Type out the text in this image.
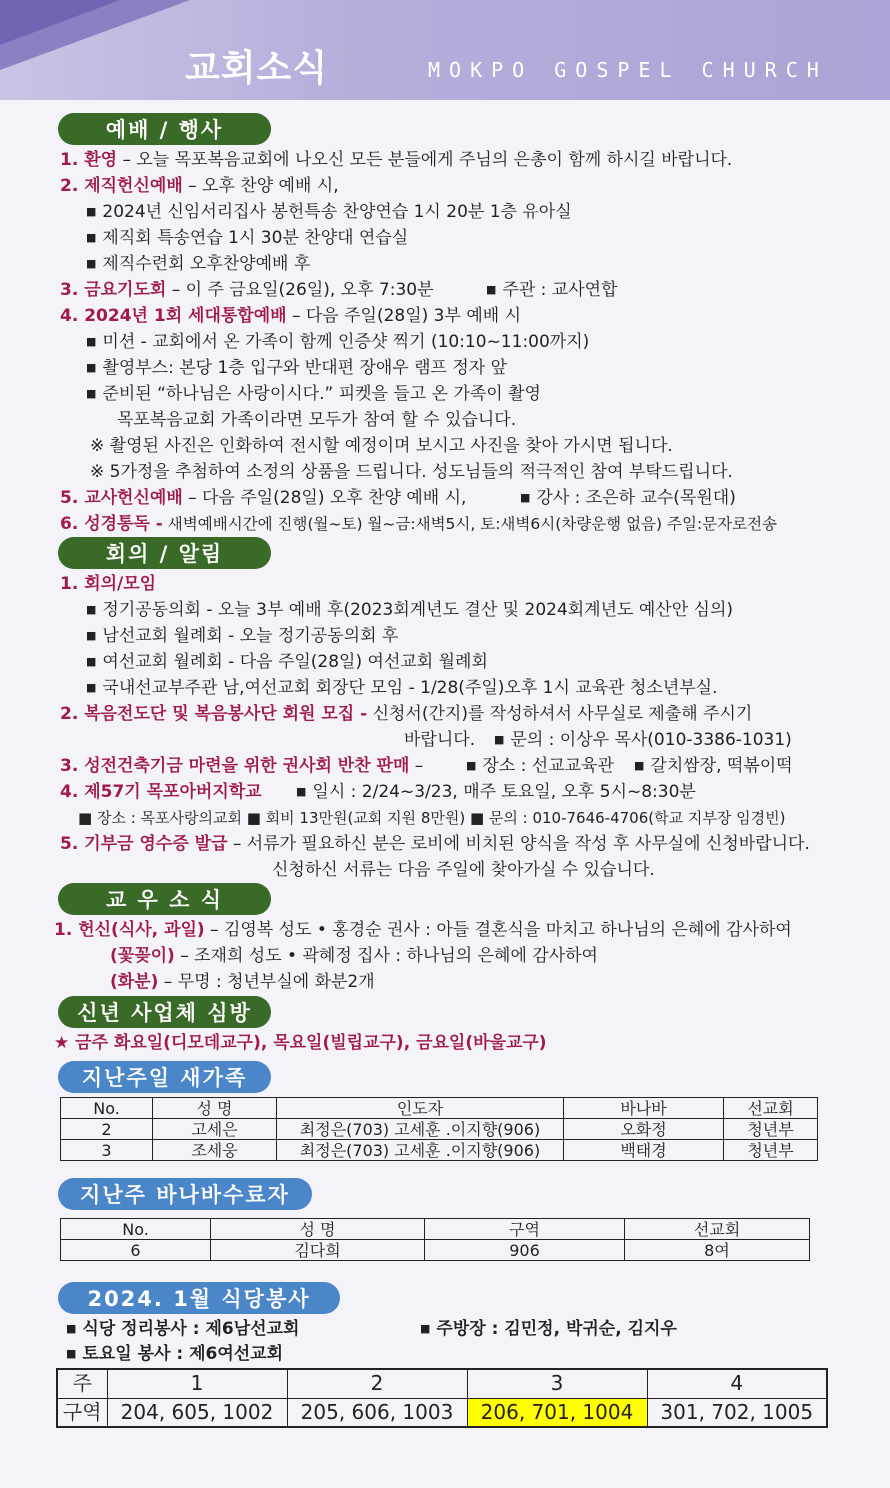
교회소식	MOKPO GOSPEL CHURCH
예배 / 행사
1. 환영 – 오늘 목포복음교회에 나오신 모든 분들에게 주님의 은총이 함께 하시길 바랍니다.
2. 제직헌신예배 – 오후 찬양 예배 시,
■ 2024년 신임서리집사 봉헌특송 찬양연습 1시 20분 1층 유아실
■ 제직회 특송연습 1시 30분 찬양대 연습실
■ 제직수련회 오후찬양예배 후
3. 금요기도회 – 이 주 금요일(26일), 오후 7:30분	■ 주관 : 교사연합
4. 2024년 1회 세대통합예배 – 다음 주일(28일) 3부 예배 시
■ 미션 - 교회에서 온 가족이 함께 인증샷 찍기 (10:10~11:00까지)
■ 촬영부스: 본당 1층 입구와 반대편 장애우 램프 정자 앞
■ 준비된 “하나님은 사랑이시다.” 피켓을 들고 온 가족이 촬영
목포복음교회 가족이라면 모두가 참여 할 수 있습니다.
※ 촬영된 사진은 인화하여 전시할 예정이며 보시고 사진을 찾아 가시면 됩니다.
※ 5가정을 추첨하여 소정의 상품을 드립니다. 성도님들의 적극적인 참여 부탁드립니다.
5. 교사헌신예배 – 다음 주일(28일) 오후 찬양 예배 시,	■ 강사 : 조은하 교수(목원대)
6. 성경통독 - 새벽예배시간에 진행(월~토) 월~금:새벽5시, 토:새벽6시(차량운행 없음) 주일:문자로전송
회의 / 알림
1. 회의/모임
■ 정기공동의회 - 오늘 3부 예배 후(2023회계년도 결산 및 2024회계년도 예산안 심의)
■ 남선교회 월례회 - 오늘 정기공동의회 후
■ 여선교회 월례회 - 다음 주일(28일) 여선교회 월례회
■ 국내선교부주관 남,여선교회 회장단 모임 - 1/28(주일)오후 1시 교육관 청소년부실.
2. 복음전도단 및 복음봉사단 회원 모집 - 신청서(간지)를 작성하셔서 사무실로 제출해 주시기
바랍니다.	■ 문의 : 이상우 목사(010-3386-1031)
3. 성전건축기금 마련을 위한 권사회 반찬 판매 –	■ 장소 : 선교교육관	■ 갈치쌈장, 떡볶이떡
4. 제57기 목포아버지학교	■ 일시 : 2/24~3/23, 매주 토요일, 오후 5시~8:30분
■ 장소 : 목포사랑의교회 ■ 회비 13만원(교회 지원 8만원) ■ 문의 : 010-7646-4706(학교 지부장 임경빈)
5. 기부금 영수증 발급 – 서류가 필요하신 분은 로비에 비치된 양식을 작성 후 사무실에 신청바랍니다.
신청하신 서류는 다음 주일에 찾아가실 수 있습니다.
교 우 소 식
1. 헌신(식사, 과일) – 김영복 성도 • 홍경순 권사 : 아들 결혼식을 마치고 하나님의 은혜에 감사하여
(꽃꽂이) – 조재희 성도 • 곽혜정 집사 : 하나님의 은혜에 감사하여
(화분) – 무명 : 청년부실에 화분2개
신년 사업체 심방
★ 금주 화요일(디모데교구), 목요일(빌립교구), 금요일(바울교구)
지난주일 새가족
No.	성 명	인도자	바나바	선교회
2	고세은	최정은(703) 고세훈 .이지향(906)	오화정	청년부
3	조세웅	최정은(703) 고세훈 .이지향(906)	백태경	청년부
지난주 바나바수료자
No.	성 명	구역	선교회
6	김다희	906	8여
2024. 1월 식당봉사
■ 식당 정리봉사 : 제6남선교회	■ 주방장 : 김민정, 박귀순, 김지우
■ 토요일 봉사 : 제6여선교회
주	1	2	3	4
구역	204, 605, 1002	205, 606, 1003	206, 701, 1004	301, 702, 1005
